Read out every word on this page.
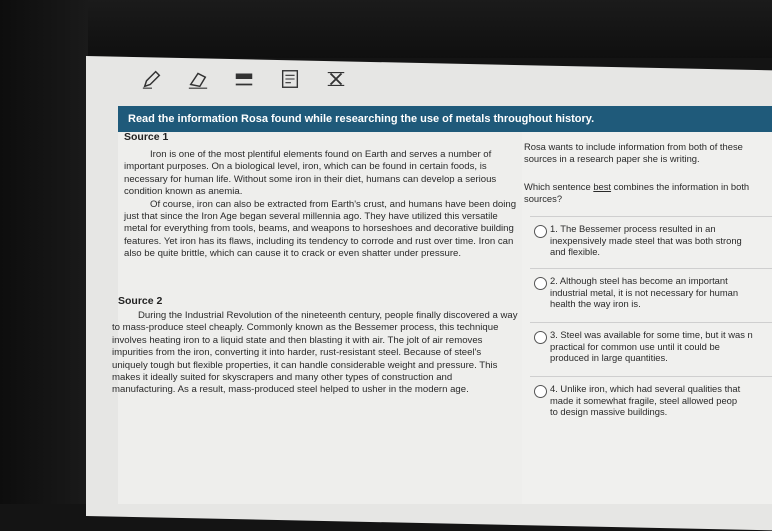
Read the information Rosa found while researching the use of metals throughout history.
Source 1

Iron is one of the most plentiful elements found on Earth and serves a number of important purposes. On a biological level, iron, which can be found in certain foods, is necessary for human life. Without some iron in their diet, humans can develop a serious condition known as anemia.

Of course, iron can also be extracted from Earth's crust, and humans have been doing just that since the Iron Age began several millennia ago. They have utilized this versatile metal for everything from tools, beams, and weapons to horseshoes and decorative building features. Yet iron has its flaws, including its tendency to corrode and rust over time. Iron can also be quite brittle, which can cause it to crack or even shatter under pressure.

Source 2

During the Industrial Revolution of the nineteenth century, people finally discovered a way to mass-produce steel cheaply. Commonly known as the Bessemer process, this technique involves heating iron to a liquid state and then blasting it with air. The jolt of air removes impurities from the iron, converting it into harder, rust-resistant steel. Because of steel's uniquely tough but flexible properties, it can handle considerable weight and pressure. This makes it ideally suited for skyscrapers and many other types of construction and manufacturing. As a result, mass-produced steel helped to usher in the modern age.

Rosa wants to include information from both of these
sources in a research paper she is writing.
Which sentence best combines the information in both
sources?
1. The Bessemer process resulted in an
inexpensively made steel that was both strong
and flexible.
2. Although steel has become an important
industrial metal, it is not necessary for human
health the way iron is.
3. Steel was available for some time, but it was n
practical for common use until it could be
produced in large quantities.
4. Unlike iron, which had several qualities that
made it somewhat fragile, steel allowed peop
to design massive buildings.
